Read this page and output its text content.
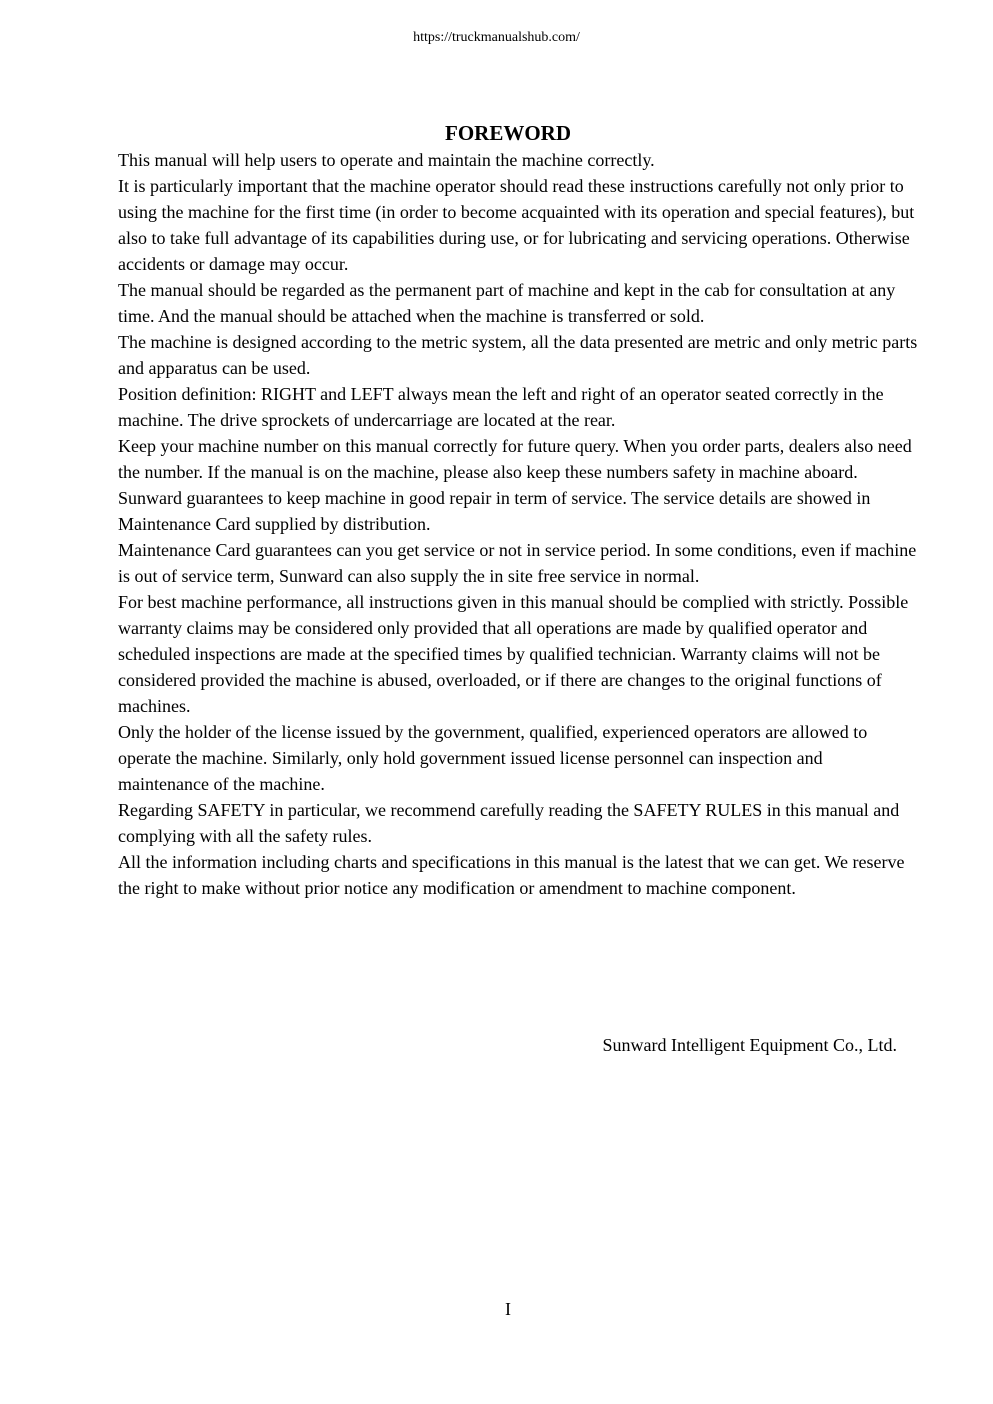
https://truckmanualshub.com/
FOREWORD

This manual will help users to operate and maintain the machine correctly.

It is particularly important that the machine operator should read these instructions carefully not only prior to using the machine for the first time (in order to become acquainted with its operation and special features), but also to take full advantage of its capabilities during use, or for lubricating and servicing operations. Otherwise accidents or damage may occur.

The manual should be regarded as the permanent part of machine and kept in the cab for consultation at any time. And the manual should be attached when the machine is transferred or sold.

The machine is designed according to the metric system, all the data presented are metric and only metric parts and apparatus can be used.

Position definition: RIGHT and LEFT always mean the left and right of an operator seated correctly in the machine. The drive sprockets of undercarriage are located at the rear.

Keep your machine number on this manual correctly for future query. When you order parts, dealers also need the number. If the manual is on the machine, please also keep these numbers safety in machine aboard.

Sunward guarantees to keep machine in good repair in term of service. The service details are showed in Maintenance Card supplied by distribution.

Maintenance Card guarantees can you get service or not in service period. In some conditions, even if machine is out of service term, Sunward can also supply the in site free service in normal.

For best machine performance, all instructions given in this manual should be complied with strictly. Possible warranty claims may be considered only provided that all operations are made by qualified operator and scheduled inspections are made at the specified times by qualified technician. Warranty claims will not be considered provided the machine is abused, overloaded, or if there are changes to the original functions of machines.

Only the holder of the license issued by the government, qualified, experienced operators are allowed to operate the machine. Similarly, only hold government issued license personnel can inspection and maintenance of the machine.

Regarding SAFETY in particular, we recommend carefully reading the SAFETY RULES in this manual and complying with all the safety rules.

All the information including charts and specifications in this manual is the latest that we can get. We reserve the right to make without prior notice any modification or amendment to machine component.

Sunward Intelligent Equipment Co., Ltd.
I
